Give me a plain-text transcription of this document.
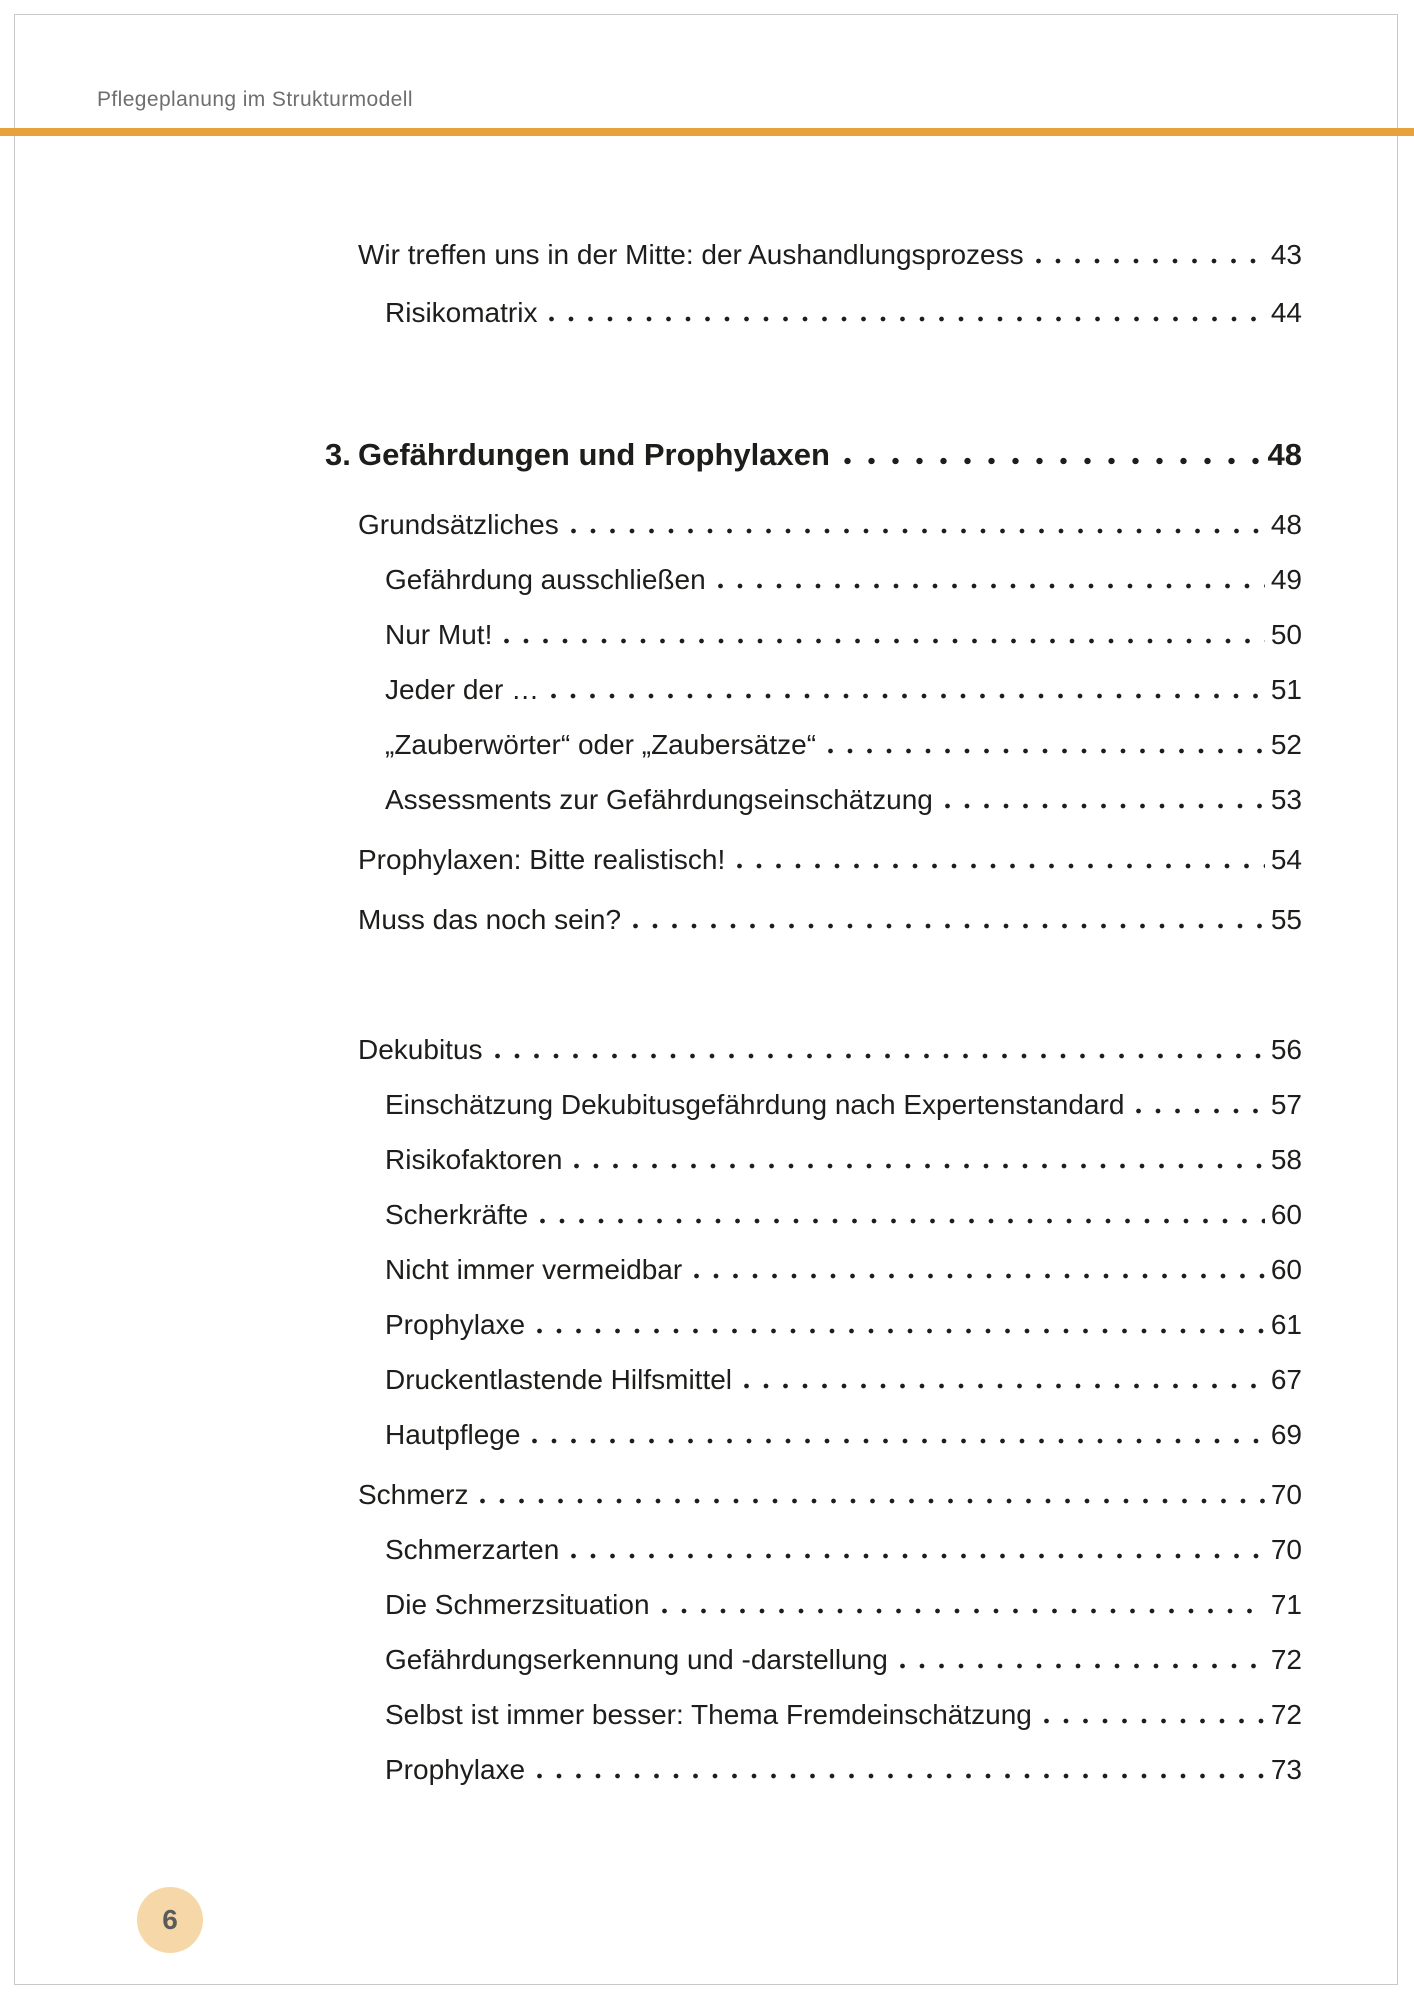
Pflegeplanung im Strukturmodell
Wir treffen uns in der Mitte: der Aushandlungsprozess	43
Risikomatrix	44
3. Gefährdungen und Prophylaxen	48
Grundsätzliches	48
Gefährdung ausschließen	49
Nur Mut!	50
Jeder der …	51
„Zauberwörter“ oder „Zaubersätze“	52
Assessments zur Gefährdungseinschätzung	53
Prophylaxen: Bitte realistisch!	54
Muss das noch sein?	55
Dekubitus	56
Einschätzung Dekubitusgefährdung nach Expertenstandard	57
Risikofaktoren	58
Scherkräfte	60
Nicht immer vermeidbar	60
Prophylaxe	61
Druckentlastende Hilfsmittel	67
Hautpflege	69
Schmerz	70
Schmerzarten	70
Die Schmerzsituation	71
Gefährdungserkennung und -darstellung	72
Selbst ist immer besser: Thema Fremdeinschätzung	72
Prophylaxe	73
6
